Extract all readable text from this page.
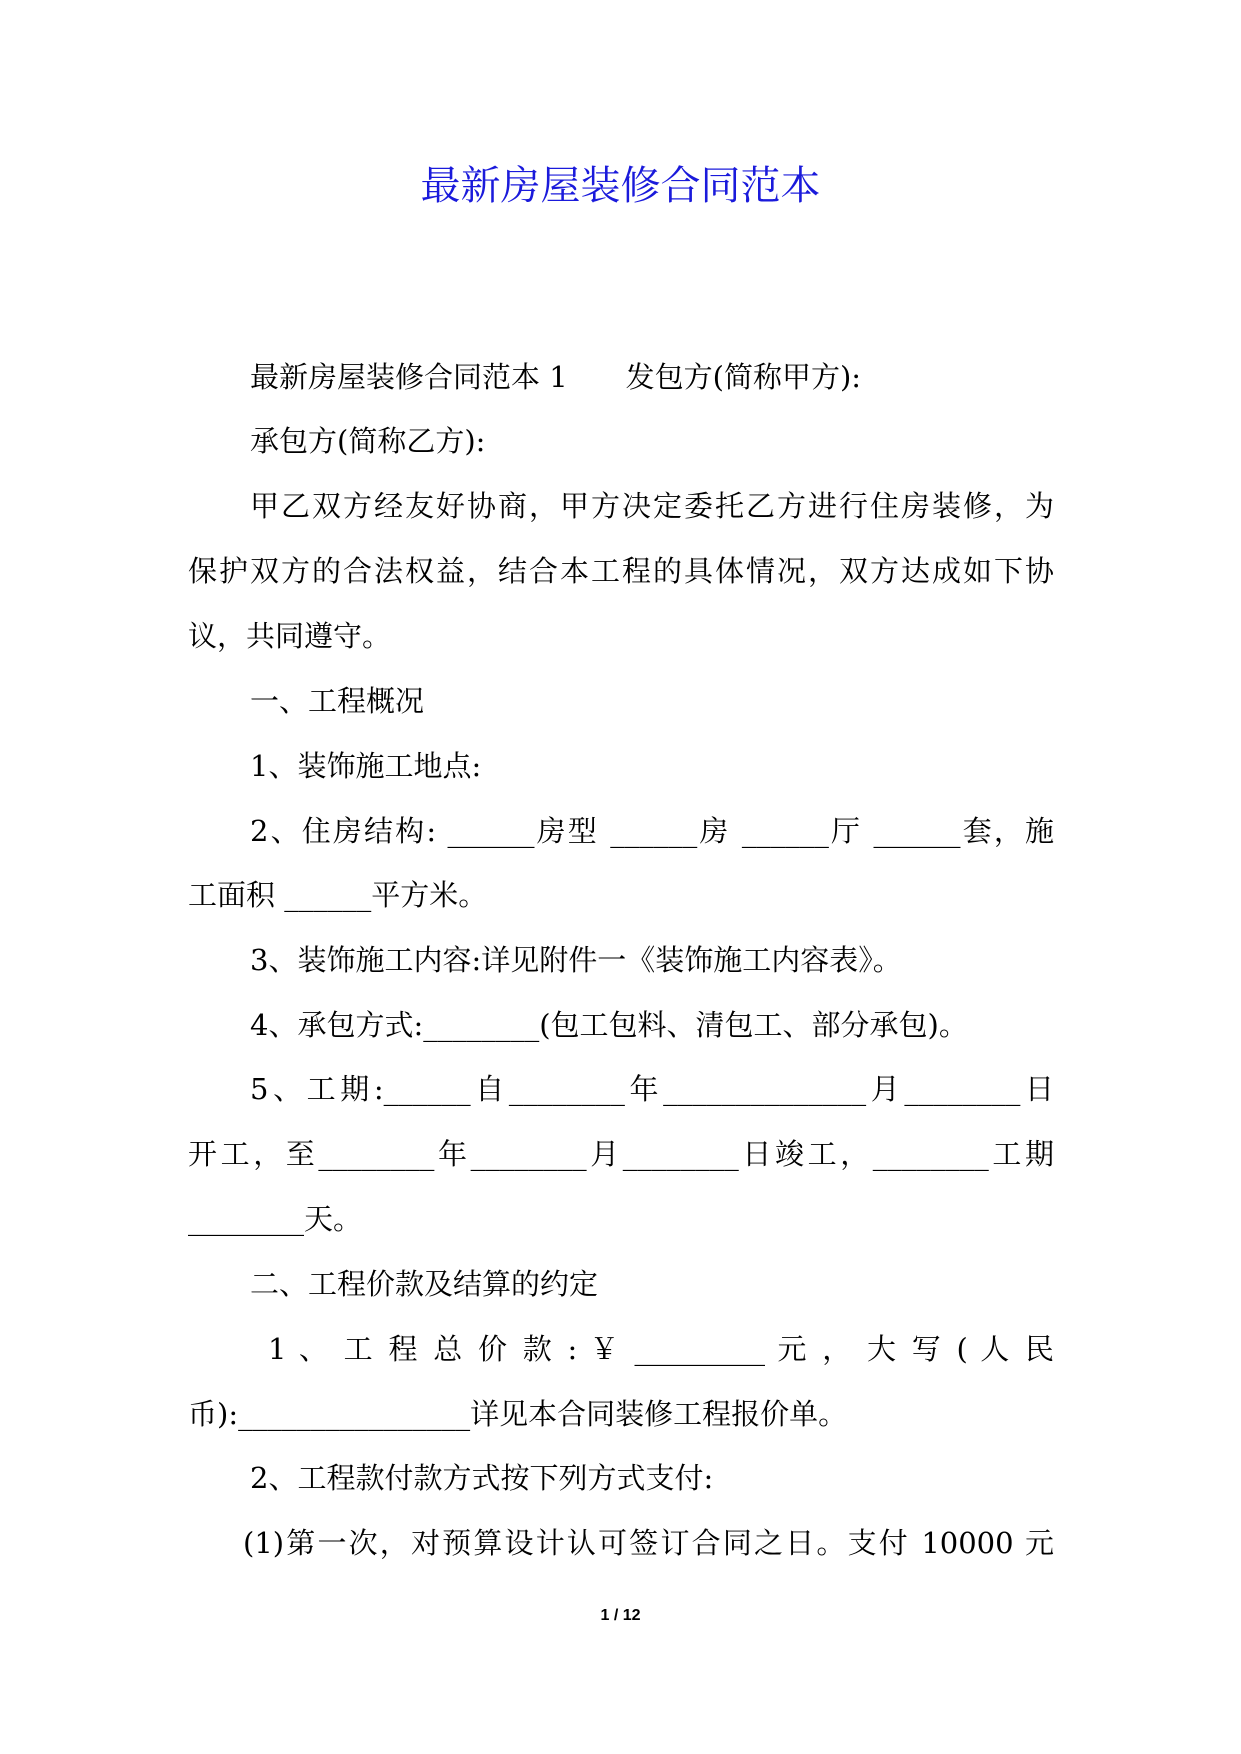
最新房屋装修合同范本
最新房屋装修合同范本 1　　发包方(简称甲方):
承包方(简称乙方):
甲乙双方经友好协商，甲方决定委托乙方进行住房装修，为
保护双方的合法权益，结合本工程的具体情况，双方达成如下协
议，共同遵守。
一、工程概况
1、装饰施工地点:
2、住房结构: ______房型 ______房 ______厅 ______套，施
工面积 ______平方米。
3、装饰施工内容:详见附件一《装饰施工内容表》。
4、承包方式:________(包工包料、清包工、部分承包)。
5、工期:______自________年______________月________日
开工，至________年________月________日竣工，________工期
________天。
二、工程价款及结算的约定
1 、 工 程 总 价 款 : ￥ _________ 元 ， 大 写 ( 人 民
币):________________详见本合同装修工程报价单。
2、工程款付款方式按下列方式支付:
(1)第一次，对预算设计认可签订合同之日。支付 10000 元
1 / 12
